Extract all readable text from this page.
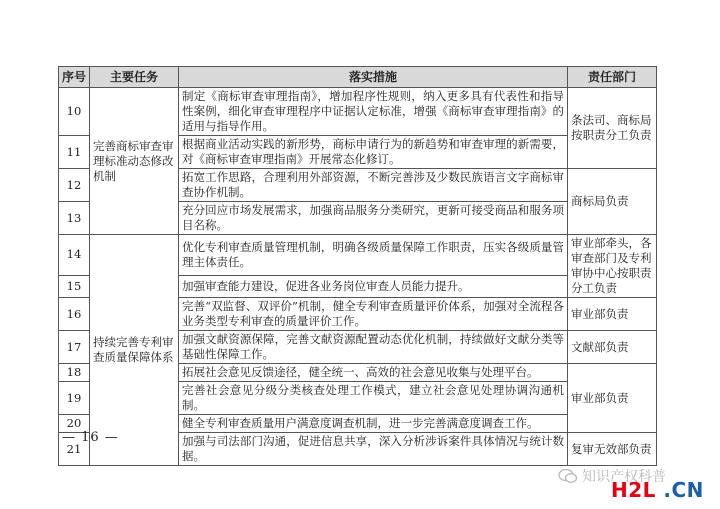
序号	主要任务	落实措施	责任部门
10	完善商标审查审理标准动态修改机制	制定《商标审查审理指南》，增加程序性规则，纳入更多具有代表性和指导性案例，细化审查审理程序中证据认定标准，增强《商标审查审理指南》的适用与指导作用。	条法司、商标局按职责分工负责
11		根据商业活动实践的新形势，商标申请行为的新趋势和审查审理的新需要，对《商标审查审理指南》开展常态化修订。	
12		拓宽工作思路，合理利用外部资源，不断完善涉及少数民族语言文字商标审查协作机制。	商标局负责
13		充分回应市场发展需求，加强商品服务分类研究，更新可接受商品和服务项目名称。	
14	持续完善专利审查质量保障体系	优化专利审查质量管理机制，明确各级质量保障工作职责，压实各级质量管理主体责任。	审业部牵头，各审查部门及专利审协中心按职责分工负责
15		加强审查能力建设，促进各业务岗位审查人员能力提升。	
16		完善“双监督、双评价”机制，健全专利审查质量评价体系，加强对全流程各业务类型专利审查的质量评价工作。	审业部负责
17		加强文献资源保障，完善文献资源配置动态优化机制，持续做好文献分类等基础性保障工作。	文献部负责
18		拓展社会意见反馈途径，健全统一、高效的社会意见收集与处理平台。	审业部负责
19		完善社会意见分级分类核查处理工作模式，建立社会意见处理协调沟通机制。	
20		健全专利审查质量用户满意度调查机制，进一步完善满意度调查工作。	
21		加强与司法部门沟通，促进信息共享，深入分析涉诉案件具体情况与统计数据。	复审无效部负责
— 16 —
知识产权科普
H2L .CN
